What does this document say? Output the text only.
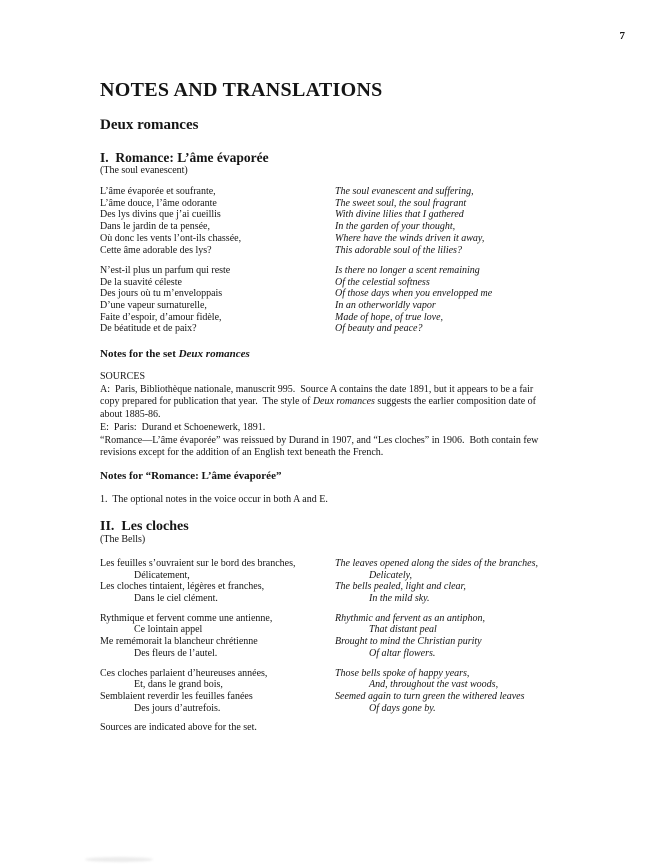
7
NOTES AND TRANSLATIONS
Deux romances
I.  Romance: L’âme évaporée
(The soul evanescent)
L’âme évaporée et soufrante,
L’âme douce, l’âme odorante
Des lys divins que j’ai cueillis
Dans le jardin de ta pensée,
Où donc les vents l’ont-ils chassée,
Cette âme adorable des lys?
The soul evanescent and suffering,
The sweet soul, the soul fragrant
With divine lilies that I gathered
In the garden of your thought,
Where have the winds driven it away,
This adorable soul of the lilies?
N’est-il plus un parfum qui reste
De la suavité céleste
Des jours où tu m’enveloppais
D’une vapeur surnaturelle,
Faite d’espoir, d’amour fidèle,
De béatitude et de paix?
Is there no longer a scent remaining
Of the celestial softness
Of those days when you envelopped me
In an otherworldly vapor
Made of hope, of true love,
Of beauty and peace?
Notes for the set Deux romances
SOURCES
A:  Paris, Bibliothèque nationale, manuscrit 995.  Source A contains the date 1891, but it appears to be a fair
copy prepared for publication that year.  The style of Deux romances suggests the earlier composition date of
about 1885-86.
E:  Paris:  Durand et Schoenewerk, 1891.
“Romance—L’âme évaporée” was reissued by Durand in 1907, and “Les cloches” in 1906.  Both contain few
revisions except for the addition of an English text beneath the French.
Notes for “Romance: L’âme évaporée”
1.  The optional notes in the voice occur in both A and E.
II.  Les cloches
(The Bells)
Les feuilles s’ouvraient sur le bord des branches,
Délicatement,
Les cloches tintaient, légères et franches,
Dans le ciel clément.
The leaves opened along the sides of the branches,
Delicately,
The bells pealed, light and clear,
In the mild sky.
Rythmique et fervent comme une antienne,
Ce lointain appel
Me remémorait la blancheur chrétienne
Des fleurs de l’autel.
Rhythmic and fervent as an antiphon,
That distant peal
Brought to mind the Christian purity
Of altar flowers.
Ces cloches parlaient d’heureuses années,
Et, dans le grand bois,
Semblaient reverdir les feuilles fanées
Des jours d’autrefois.
Those bells spoke of happy years,
And, throughout the vast woods,
Seemed again to turn green the withered leaves
Of days gone by.
Sources are indicated above for the set.
